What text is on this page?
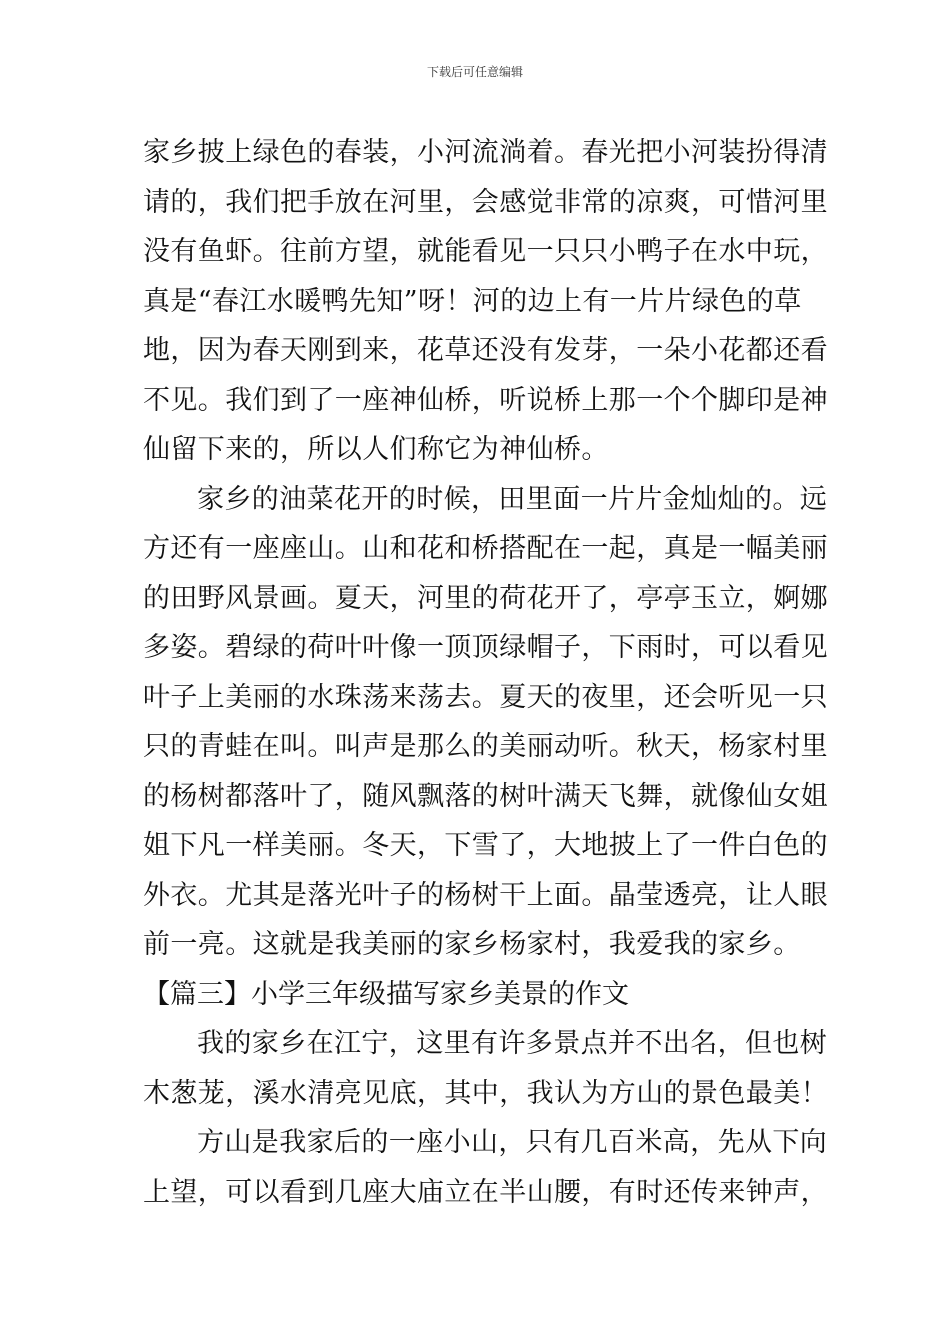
下载后可任意编辑
家乡披上绿色的春装，小河流淌着。春光把小河装扮得清
请的，我们把手放在河里，会感觉非常的凉爽，可惜河里
没有鱼虾。往前方望，就能看见一只只小鸭子在水中玩，
真是“春江水暖鸭先知”呀！河的边上有一片片绿色的草
地，因为春天刚到来，花草还没有发芽，一朵小花都还看
不见。我们到了一座神仙桥，听说桥上那一个个脚印是神
仙留下来的，所以人们称它为神仙桥。
家乡的油菜花开的时候，田里面一片片金灿灿的。远
方还有一座座山。山和花和桥搭配在一起，真是一幅美丽
的田野风景画。夏天，河里的荷花开了，亭亭玉立，婀娜
多姿。碧绿的荷叶叶像一顶顶绿帽子，下雨时，可以看见
叶子上美丽的水珠荡来荡去。夏天的夜里，还会听见一只
只的青蛙在叫。叫声是那么的美丽动听。秋天，杨家村里
的杨树都落叶了，随风飘落的树叶满天飞舞，就像仙女姐
姐下凡一样美丽。冬天，下雪了，大地披上了一件白色的
外衣。尤其是落光叶子的杨树干上面。晶莹透亮，让人眼
前一亮。这就是我美丽的家乡杨家村，我爱我的家乡。
【篇三】小学三年级描写家乡美景的作文
我的家乡在江宁，这里有许多景点并不出名，但也树
木葱茏，溪水清亮见底，其中，我认为方山的景色最美！
方山是我家后的一座小山，只有几百米高，先从下向
上望，可以看到几座大庙立在半山腰，有时还传来钟声，
